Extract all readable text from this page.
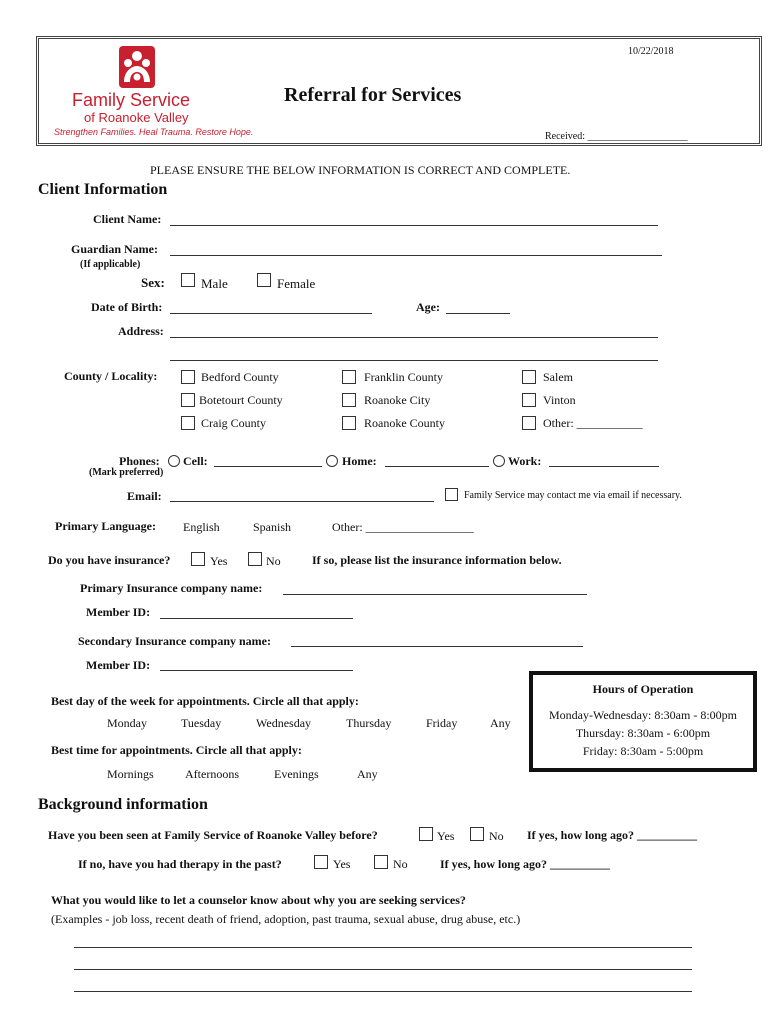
Family Service
of Roanoke Valley
Strengthen Families. Heal Trauma. Restore Hope.
10/22/2018
Referral for Services
Received: ____________________
PLEASE ENSURE THE BELOW INFORMATION IS CORRECT AND COMPLETE.
Client Information
Client Name:
Guardian Name:
(If applicable)
Sex:	Male	Female
Date of Birth:	Age:
Address:
County / Locality:	Bedford County	Franklin County	Salem
Botetourt County	Roanoke City	Vinton
Craig County	Roanoke County	Other: ___________
Phones: Cell:	Home:	Work:
(Mark preferred)
Email:	Family Service may contact me via email if necessary.
Primary Language: English	Spanish	Other: __________________
Do you have insurance?	Yes	No	If so, please list the insurance information below.
Primary Insurance company name:
Member ID:
Secondary Insurance company name:
Member ID:
Best day of the week for appointments. Circle all that apply:
Monday	Tuesday	Wednesday	Thursday	Friday	Any
Best time for appointments. Circle all that apply:
Mornings	Afternoons	Evenings	Any
Hours of Operation
Monday-Wednesday: 8:30am - 8:00pm
Thursday: 8:30am - 6:00pm
Friday: 8:30am - 5:00pm
Background information
Have you been seen at Family Service of Roanoke Valley before?	Yes	No If yes, how long ago? __________
If no, have you had therapy in the past?	Yes	No	If yes, how long ago? __________
What you would like to let a counselor know about why you are seeking services?
(Examples - job loss, recent death of friend, adoption, past trauma, sexual abuse, drug abuse, etc.)
